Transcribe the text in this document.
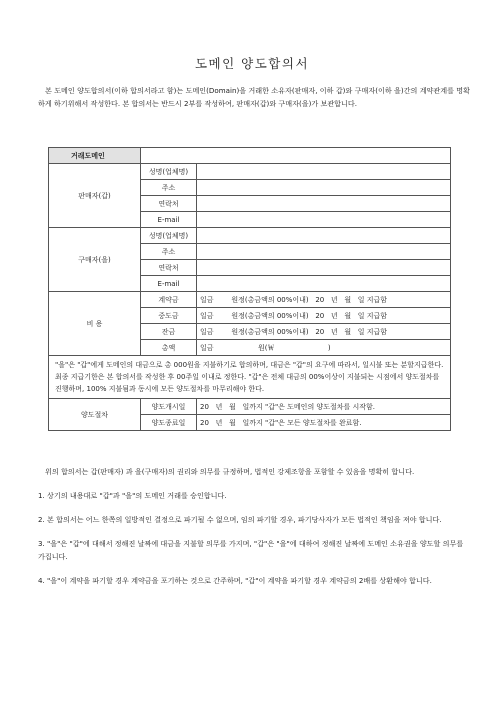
도메인 양도합의서

본 도메인 양도합의서(이하 합의서라고 함)는 도메인(Domain)을 거래한 소유자(판매자, 이하 갑)와 구매자(이하 을)간의 계약관계를 명확하게 하기위해서 작성한다. 본 합의서는 반드시 2부를 작성하여, 판매자(갑)와 구매자(을)가 보관합니다.

거래도메인		
판매자(갑)	성명(업체명)	
	주소	
	연락처	
	E-mail	
구매자(을)	성명(업체명)	
	주소	
	연락처	
	E-mail	
비 용	계약금	일금        원정(총금액의 00%이내)   20   년   월   일 지급함
	중도금	일금        원정(총금액의 00%이내)   20   년   월   일 지급함
	잔금	일금        원정(총금액의 00%이내)   20   년   월   일 지급함
	총액	일금                    원(￦                        )
"을"은 "갑"에게 도메인의 대금으로 총 000원을 지불하기로 합의하며, 대금은 "갑"의 요구에 따라서, 일시불 또는 분할지급한다. 최종 지급기한은 본 합의서를 작성한 후 00주일 이내로 정한다. "갑"은 전체 대금의 00%이상이 지불되는 시점에서 양도절차를 진행하며, 100% 지불됨과 동시에 모든 양도절차를 마무리해야 한다.		
양도절차	양도개시일	20   년   월   일까지 "갑"은 도메인의 양도절차를 시작함.
	양도종료일	20   년   월   일까지 "갑"은 모든 양도절차를 완료함.

위의 합의서는 갑(판매자) 과 을(구매자)의 권리와 의무를 규정하며, 법적인 강제조항을 포함할 수 있음을 명확히 합니다.

1. 상기의 내용대로 "갑"과 "을"의 도메인 거래를 승인합니다.

2. 본 합의서는 어느 한쪽의 일방적인 결정으로 파기될 수 없으며, 임의 파기할 경우, 파기당사자가 모든 법적인 책임을 져야 합니다.

3. "을"은 "갑"에 대해서 정해진 날짜에 대금을 지불할 의무를 가지며, "갑"은 "을"에 대하여 정해진 날짜에 도메인 소유권을 양도할 의무를 가집니다.

4. "을"이 계약을 파기할 경우 계약금을 포기하는 것으로 간주하며, "갑"이 계약을 파기할 경우 계약금의 2배를 상환해야 합니다.
